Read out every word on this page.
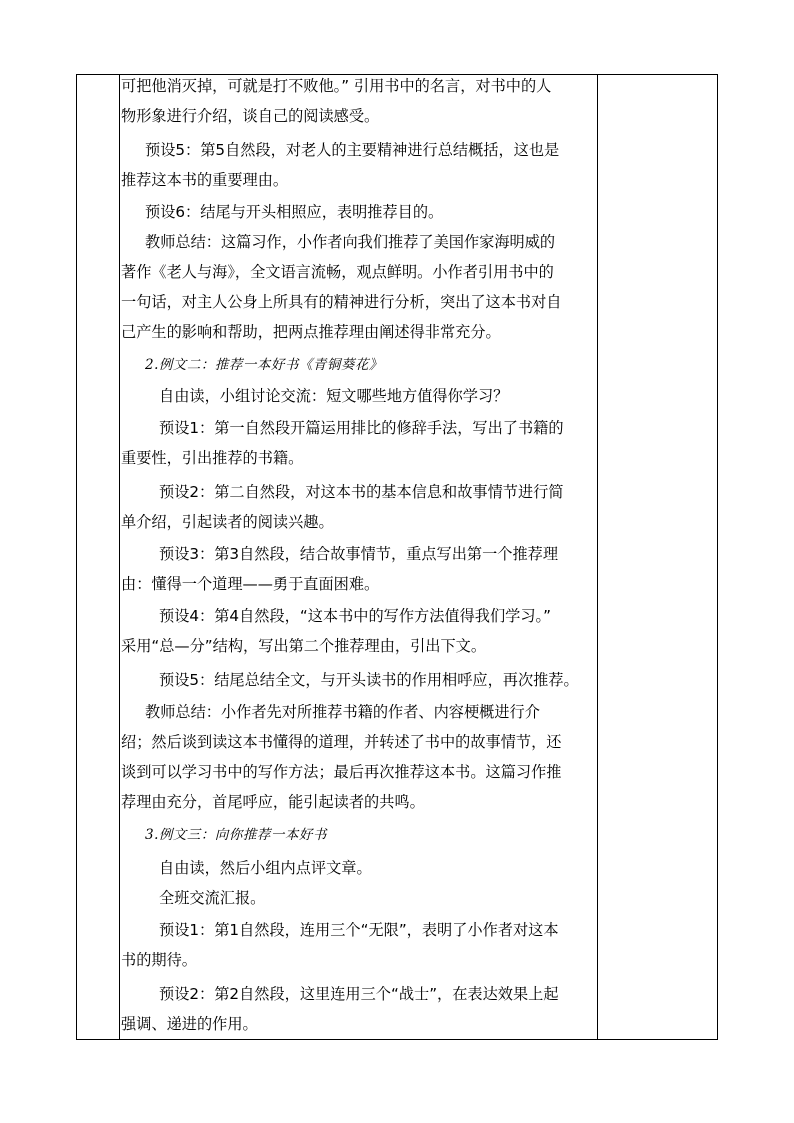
可把他消灭掉，可就是打不败他。” 引用书中的名言，对书中的人
物形象进行介绍，谈自己的阅读感受。
预设5：第5自然段，对老人的主要精神进行总结概括，这也是
推荐这本书的重要理由。
预设6：结尾与开头相照应，表明推荐目的。
教师总结：这篇习作，小作者向我们推荐了美国作家海明威的
著作《老人与海》，全文语言流畅，观点鲜明。小作者引用书中的
一句话，对主人公身上所具有的精神进行分析，突出了这本书对自
己产生的影响和帮助，把两点推荐理由阐述得非常充分。
2.例文二：推荐一本好书《青铜葵花》
自由读，小组讨论交流：短文哪些地方值得你学习？
预设1：第一自然段开篇运用排比的修辞手法，写出了书籍的
重要性，引出推荐的书籍。
预设2：第二自然段，对这本书的基本信息和故事情节进行简
单介绍，引起读者的阅读兴趣。
预设3：第3自然段，结合故事情节，重点写出第一个推荐理
由：懂得一个道理——勇于直面困难。
预设4：第4自然段，“这本书中的写作方法值得我们学习。”
采用“总—分”结构，写出第二个推荐理由，引出下文。
预设5：结尾总结全文，与开头读书的作用相呼应，再次推荐。
教师总结：小作者先对所推荐书籍的作者、内容梗概进行介
绍；然后谈到读这本书懂得的道理，并转述了书中的故事情节，还
谈到可以学习书中的写作方法；最后再次推荐这本书。这篇习作推
荐理由充分，首尾呼应，能引起读者的共鸣。
3.例文三：向你推荐一本好书
自由读，然后小组内点评文章。
全班交流汇报。
预设1：第1自然段，连用三个“无限”，表明了小作者对这本
书的期待。
预设2：第2自然段，这里连用三个“战士”，在表达效果上起
强调、递进的作用。
